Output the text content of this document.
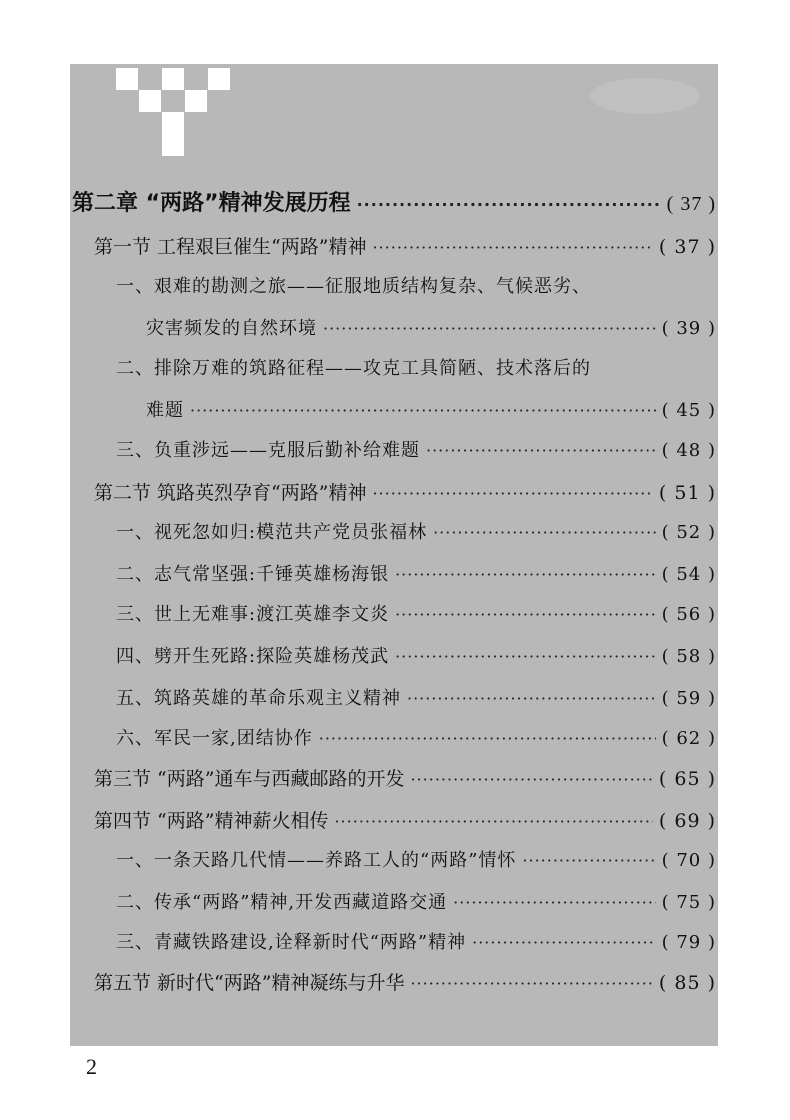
第二章 “两路”精神发展历程 ·····	( 37 )
第一节 工程艰巨催生“两路”精神 ·····	( 37 )
一、艰难的勘测之旅——征服地质结构复杂、气候恶劣、
灾害频发的自然环境 ·····	( 39 )
二、排除万难的筑路征程——攻克工具简陋、技术落后的
难题 ·····	( 45 )
三、负重涉远——克服后勤补给难题 ·····	( 48 )
第二节 筑路英烈孕育“两路”精神 ·····	( 51 )
一、视死忽如归:模范共产党员张福林 ·····	( 52 )
二、志气常坚强:千锤英雄杨海银 ·····	( 54 )
三、世上无难事:渡江英雄李文炎 ·····	( 56 )
四、劈开生死路:探险英雄杨茂武 ·····	( 58 )
五、筑路英雄的革命乐观主义精神 ·····	( 59 )
六、军民一家,团结协作 ·····	( 62 )
第三节 “两路”通车与西藏邮路的开发 ·····	( 65 )
第四节 “两路”精神薪火相传 ·····	( 69 )
一、一条天路几代情——养路工人的“两路”情怀 ·····	( 70 )
二、传承“两路”精神,开发西藏道路交通 ·····	( 75 )
三、青藏铁路建设,诠释新时代“两路”精神 ·····	( 79 )
第五节 新时代“两路”精神凝练与升华 ·····	( 85 )
2
